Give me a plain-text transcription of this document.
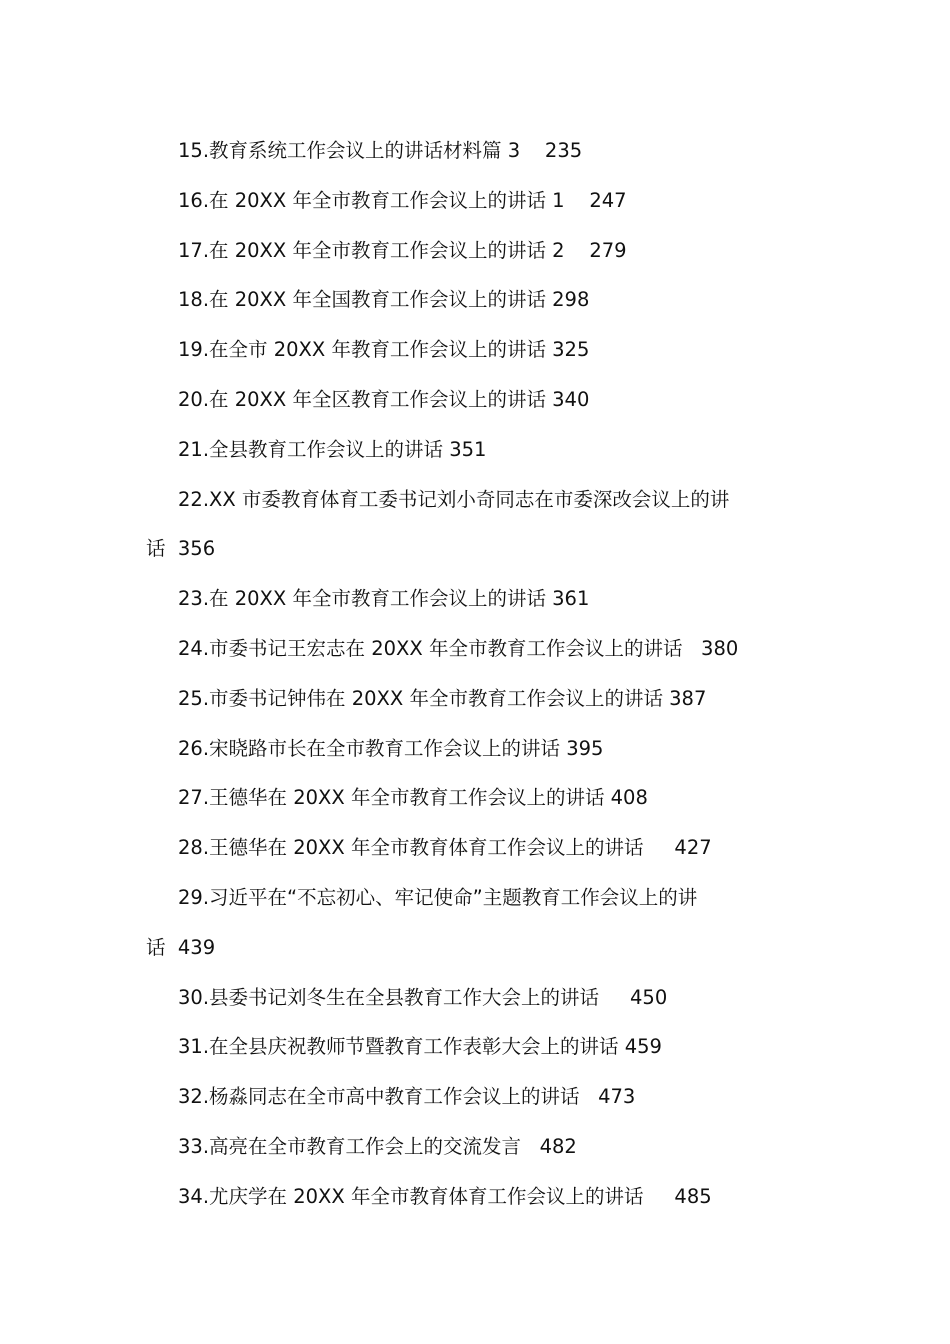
15.教育系统工作会议上的讲话材料篇 3    235
16.在 20XX 年全市教育工作会议上的讲话 1    247
17.在 20XX 年全市教育工作会议上的讲话 2    279
18.在 20XX 年全国教育工作会议上的讲话 298
19.在全市 20XX 年教育工作会议上的讲话 325
20.在 20XX 年全区教育工作会议上的讲话 340
21.全县教育工作会议上的讲话 351
22.XX 市委教育体育工委书记刘小奇同志在市委深改会议上的讲
话  356
23.在 20XX 年全市教育工作会议上的讲话 361
24.市委书记王宏志在 20XX 年全市教育工作会议上的讲话   380
25.市委书记钟伟在 20XX 年全市教育工作会议上的讲话 387
26.宋晓路市长在全市教育工作会议上的讲话 395
27.王德华在 20XX 年全市教育工作会议上的讲话 408
28.王德华在 20XX 年全市教育体育工作会议上的讲话     427
29.习近平在“不忘初心、牢记使命”主题教育工作会议上的讲
话  439
30.县委书记刘冬生在全县教育工作大会上的讲话     450
31.在全县庆祝教师节暨教育工作表彰大会上的讲话 459
32.杨淼同志在全市高中教育工作会议上的讲话   473
33.高亮在全市教育工作会上的交流发言   482
34.尤庆学在 20XX 年全市教育体育工作会议上的讲话     485
